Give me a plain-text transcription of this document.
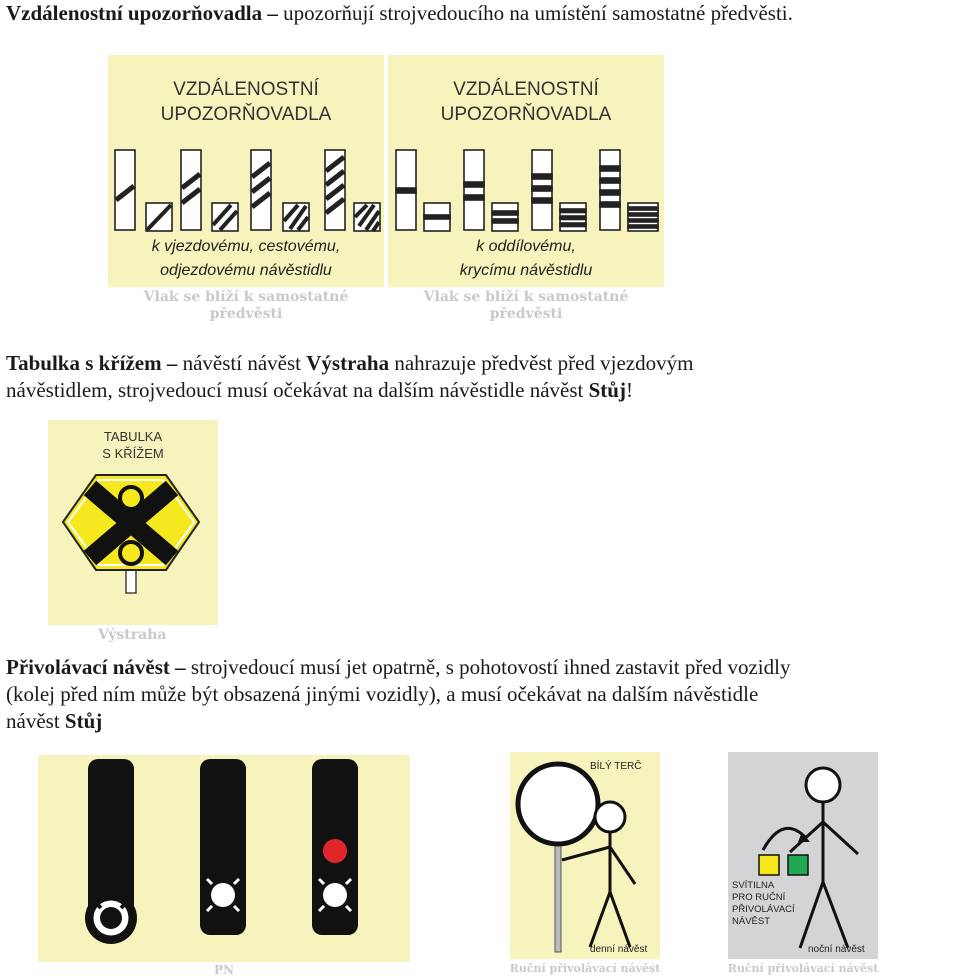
Vzdálenostní upozorňovadla – upozorňují strojvedoucího na umístění samostatné předvěsti.
VZDÁLENOSTNÍ
UPOZORŇOVADLA
k vjezdovému, cestovému,
odjezdovému návěstidlu
Vlak se blíží k samostatné
předvěsti
VZDÁLENOSTNÍ
UPOZORŇOVADLA
k oddílovému,
krycímu návěstidlu
Vlak se blíží k samostatné
předvěsti
Tabulka s křížem – návěstí návěst Výstraha nahrazuje předvěst před vjezdovým
návěstidlem, strojvedoucí musí očekávat na dalším návěstidle návěst Stůj!
TABULKA
S KŘÍŽEM
Výstraha
Přivolávací návěst – strojvedoucí musí jet opatrně, s pohotovostí ihned zastavit před vozidly
(kolej před ním může být obsazená jinými vozidly), a musí očekávat na dalším návěstidle
návěst Stůj
PN
BÍLÝ TERČ
denní návěst
Ruční přivolávací návěst
SVÍTILNA
PRO RUČNÍ
PŘIVOLÁVACÍ
NÁVĚST
noční návěst
Ruční přivolávací návěst
